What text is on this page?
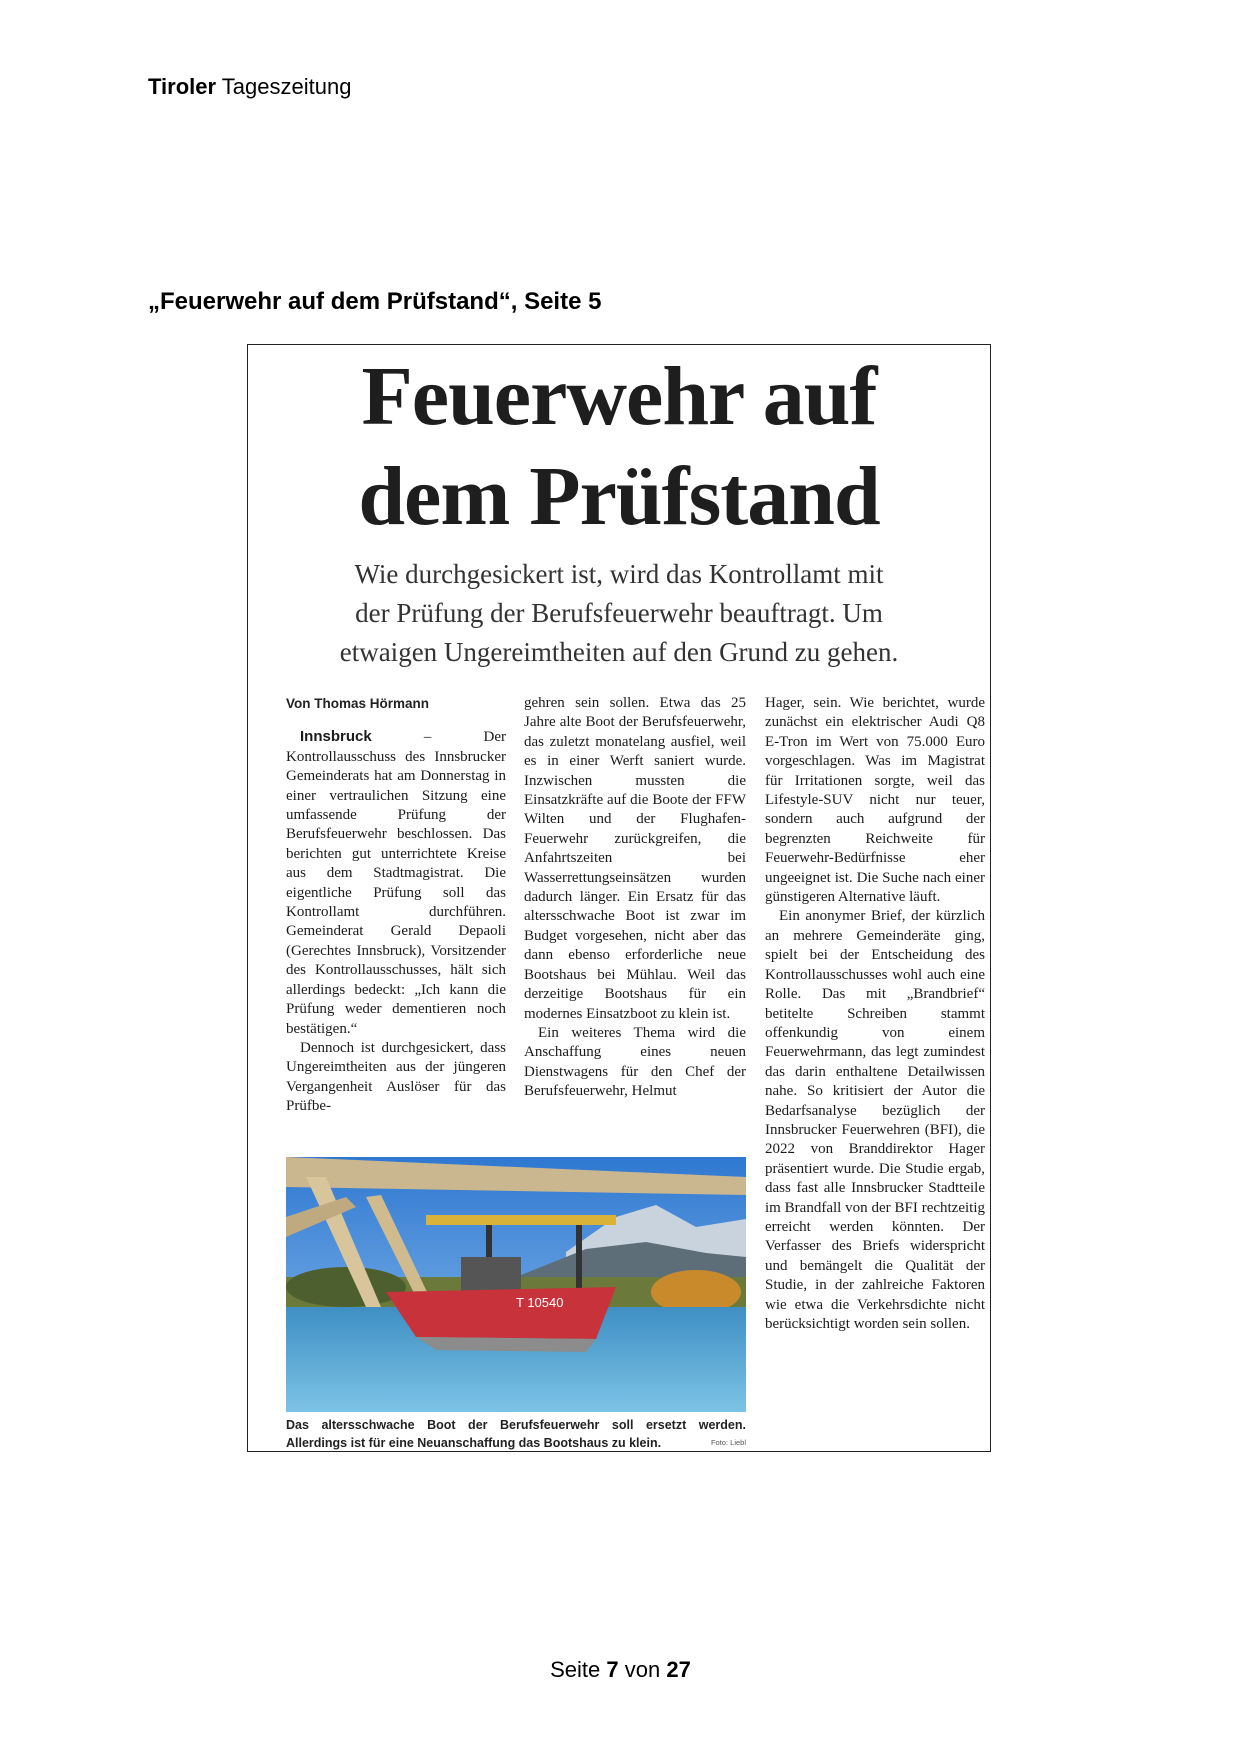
Tiroler Tageszeitung
„Feuerwehr auf dem Prüfstand“, Seite 5
Feuerwehr auf
dem Prüfstand
Wie durchgesickert ist, wird das Kontrollamt mit
der Prüfung der Berufsfeuerwehr beauftragt. Um
etwaigen Ungereimtheiten auf den Grund zu gehen.

Von Thomas Hörmann

Innsbruck – Der Kontrollausschuss des Innsbrucker Gemeinderats hat am Donnerstag in einer vertraulichen Sitzung eine umfassende Prüfung der Berufsfeuerwehr beschlossen. Das berichten gut unterrichtete Kreise aus dem Stadtmagistrat. Die eigentliche Prüfung soll das Kontrollamt durchführen. Gemeinderat Gerald Depaoli (Gerechtes Innsbruck), Vorsitzender des Kontrollausschusses, hält sich allerdings bedeckt: „Ich kann die Prüfung weder dementieren noch bestätigen.“

Dennoch ist durchgesickert, dass Ungereimtheiten aus der jüngeren Vergangenheit Auslöser für das Prüfbe-

gehren sein sollen. Etwa das 25 Jahre alte Boot der Berufsfeuerwehr, das zuletzt monatelang ausfiel, weil es in einer Werft saniert wurde. Inzwischen mussten die Einsatzkräfte auf die Boote der FFW Wilten und der Flughafen-Feuerwehr zurückgreifen, die Anfahrtszeiten bei Wasserrettungseinsätzen wurden dadurch länger. Ein Ersatz für das altersschwache Boot ist zwar im Budget vorgesehen, nicht aber das dann ebenso erforderliche neue Bootshaus bei Mühlau. Weil das derzeitige Bootshaus für ein modernes Einsatzboot zu klein ist.

Ein weiteres Thema wird die Anschaffung eines neuen Dienstwagens für den Chef der Berufsfeuerwehr, Helmut

Hager, sein. Wie berichtet, wurde zunächst ein elektrischer Audi Q8 E-Tron im Wert von 75.000 Euro vorgeschlagen. Was im Magistrat für Irritationen sorgte, weil das Lifestyle-SUV nicht nur teuer, sondern auch aufgrund der begrenzten Reichweite für Feuerwehr-Bedürfnisse eher ungeeignet ist. Die Suche nach einer günstigeren Alternative läuft.

Ein anonymer Brief, der kürzlich an mehrere Gemeinderäte ging, spielt bei der Entscheidung des Kontrollausschusses wohl auch eine Rolle. Das mit „Brandbrief“ betitelte Schreiben stammt offenkundig von einem Feuerwehrmann, das legt zumindest das darin enthaltene Detailwissen nahe. So kritisiert der Autor die Bedarfsanalyse bezüglich der Innsbrucker Feuerwehren (BFI), die 2022 von Branddirektor Hager präsentiert wurde. Die Studie ergab, dass fast alle Innsbrucker Stadtteile im Brandfall von der BFI rechtzeitig erreicht werden könnten. Der Verfasser des Briefs widerspricht und bemängelt die Qualität der Studie, in der zahlreiche Faktoren wie etwa die Verkehrsdichte nicht berücksichtigt worden sein sollen.

T 10540
Das altersschwache Boot der Berufsfeuerwehr soll ersetzt werden.
Allerdings ist für eine Neuanschaffung das Bootshaus zu klein.	Foto: Liebl
Seite 7 von 27
